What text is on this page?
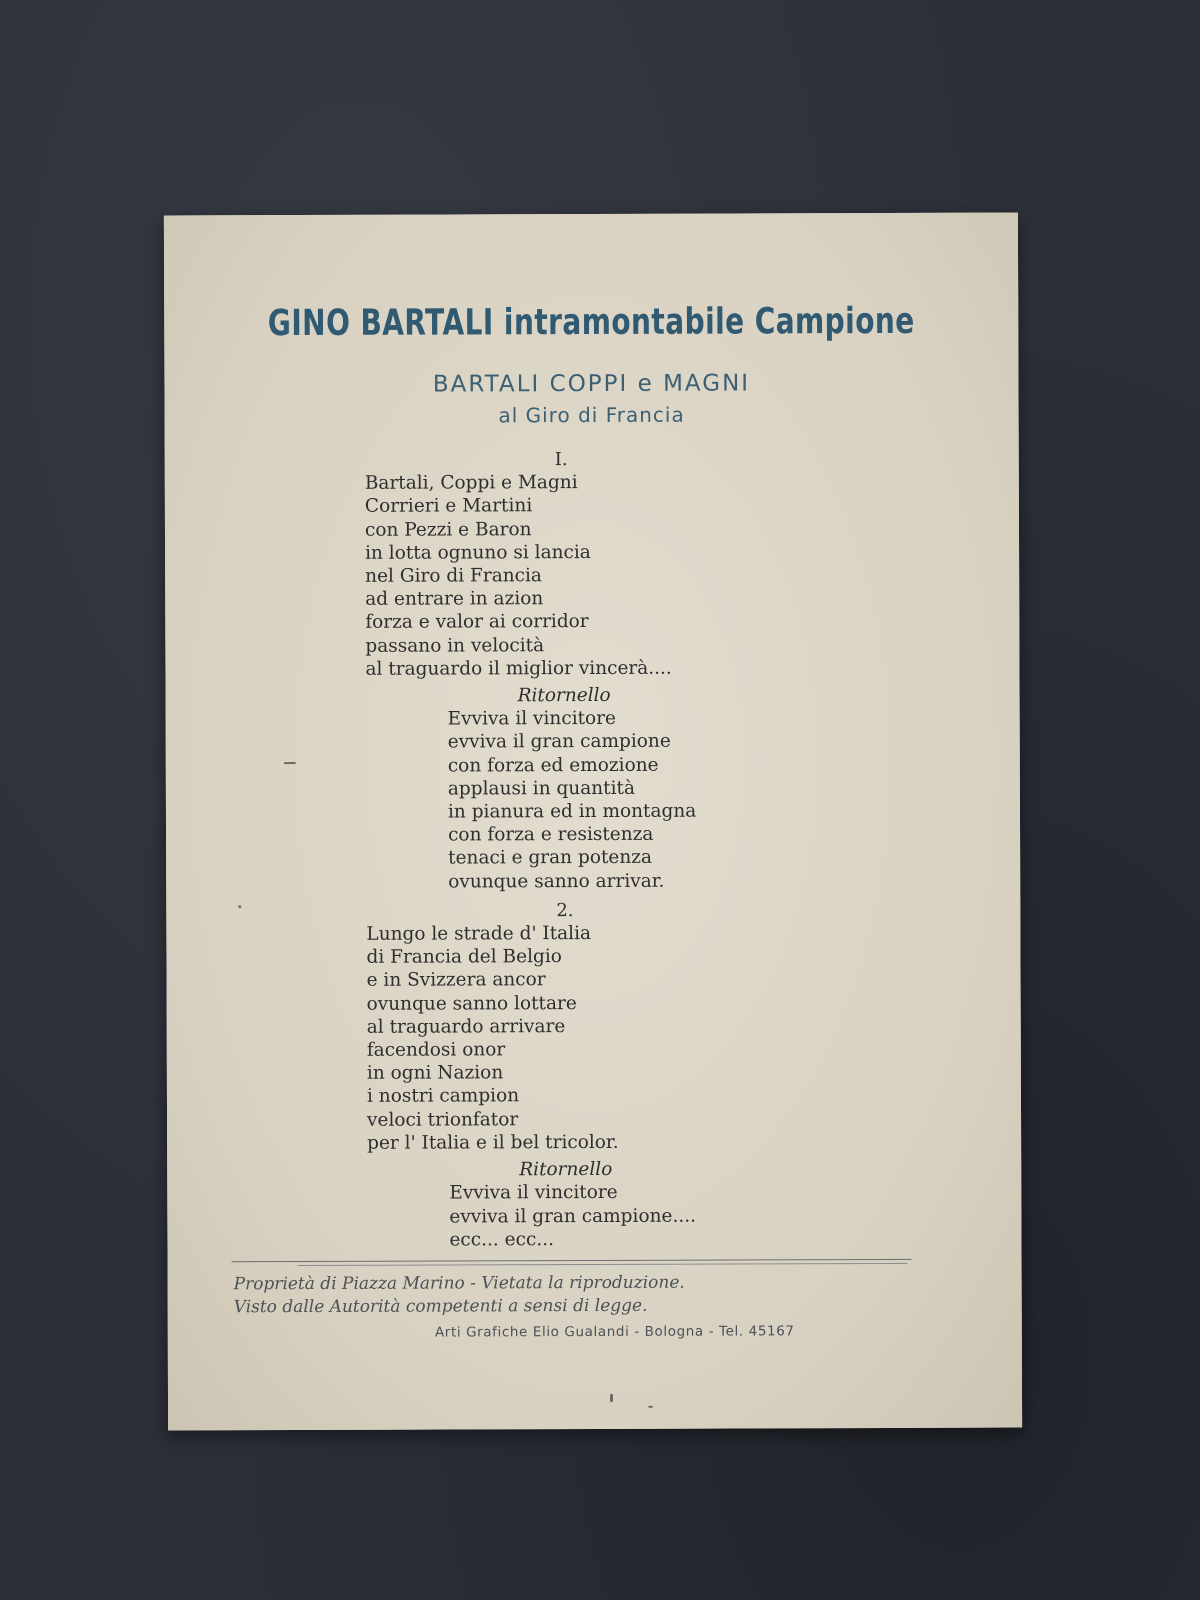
GINO BARTALI intramontabile Campione
BARTALI COPPI e MAGNI
al Giro di Francia
I.
Bartali, Coppi e Magni
Corrieri e Martini
con Pezzi e Baron
in lotta ognuno si lancia
nel Giro di Francia
ad entrare in azion
forza e valor ai corridor
passano in velocità
al traguardo il miglior vincerà....
Ritornello
Evviva il vincitore
evviva il gran campione
con forza ed emozione
applausi in quantità
in pianura ed in montagna
con forza e resistenza
tenaci e gran potenza
ovunque sanno arrivar.
2.
Lungo le strade d' Italia
di Francia del Belgio
e in Svizzera ancor
ovunque sanno lottare
al traguardo arrivare
facendosi onor
in ogni Nazion
i nostri campion
veloci trionfator
per l' Italia e il bel tricolor.
Ritornello
Evviva il vincitore
evviva il gran campione....
ecc... ecc...
Proprietà di Piazza Marino - Vietata la riproduzione.
Visto dalle Autorità competenti a sensi di legge.
Arti Grafiche Elio Gualandi - Bologna - Tel. 45167
